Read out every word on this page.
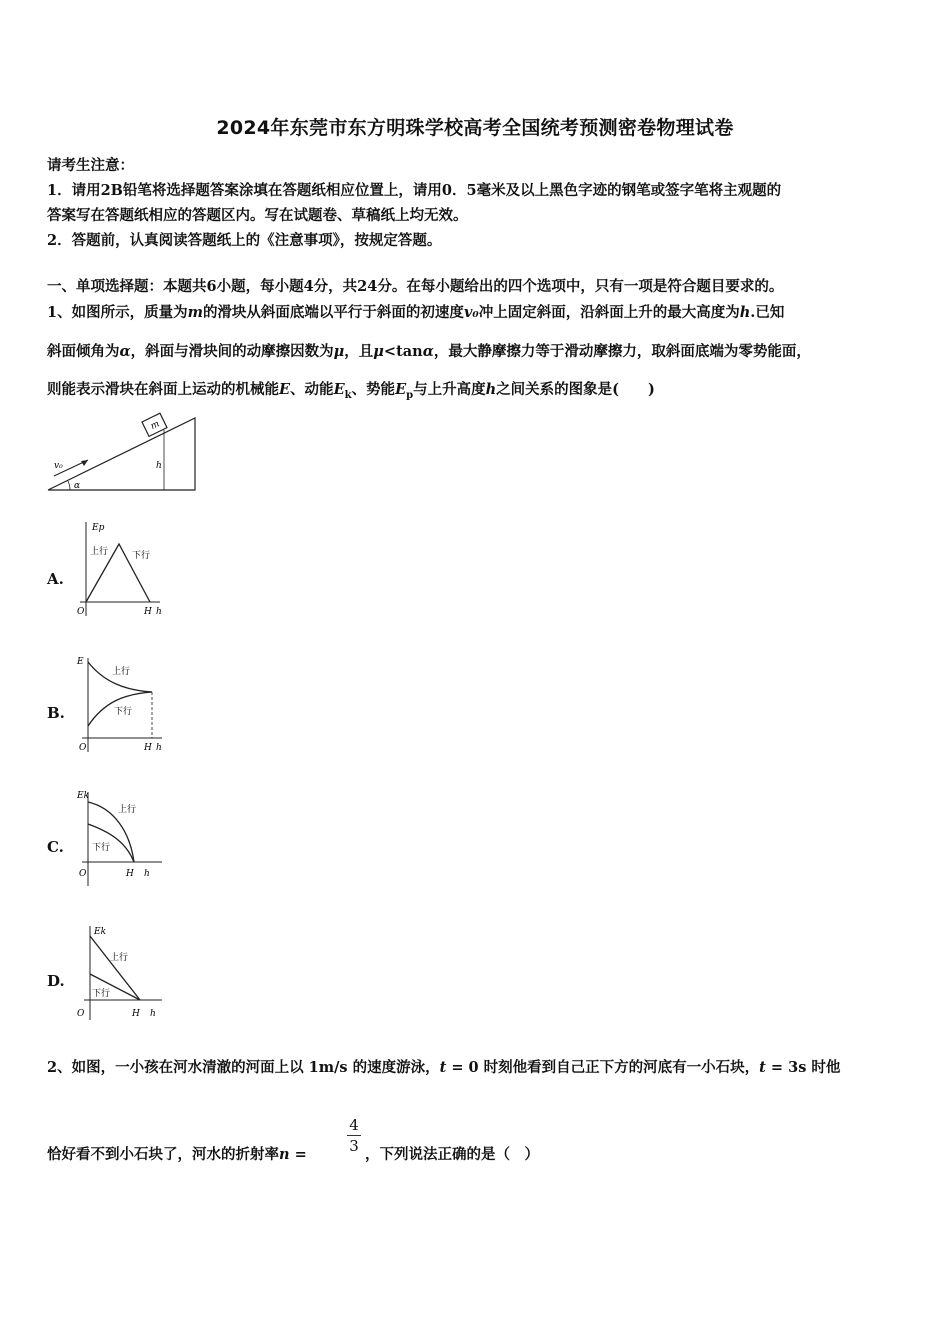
2024年东莞市东方明珠学校高考全国统考预测密卷物理试卷
请考生注意：
1．请用2B铅笔将选择题答案涂填在答题纸相应位置上，请用0．5毫米及以上黑色字迹的钢笔或签字笔将主观题的
答案写在答题纸相应的答题区内。写在试题卷、草稿纸上均无效。
2．答题前，认真阅读答题纸上的《注意事项》，按规定答题。
一、单项选择题：本题共6小题，每小题4分，共24分。在每小题给出的四个选项中，只有一项是符合题目要求的。
1、如图所示，质量为m的滑块从斜面底端以平行于斜面的初速度v₀冲上固定斜面，沿斜面上升的最大高度为h.已知
斜面倾角为α，斜面与滑块间的动摩擦因数为μ，且μ<tanα，最大静摩擦力等于滑动摩擦力，取斜面底端为零势能面，
则能表示滑块在斜面上运动的机械能E、动能$E_k$、势能$E_p$与上升高度h之间关系的图象是(　　)
m
v₀	h
α
A.
Ep
上行	下行
O	H h
B.
E
上行
下行
O	H h
C.
Ek
上行
下行
O	H h
D.
Ek
上行
下行
O	H h
2、如图，一小孩在河水清澈的河面上以 1m/s 的速度游泳，t = 0 时刻他看到自己正下方的河底有一小石块，t = 3s 时他
恰好看不到小石块了，河水的折射率n =
4
3 ，下列说法正确的是（　）
